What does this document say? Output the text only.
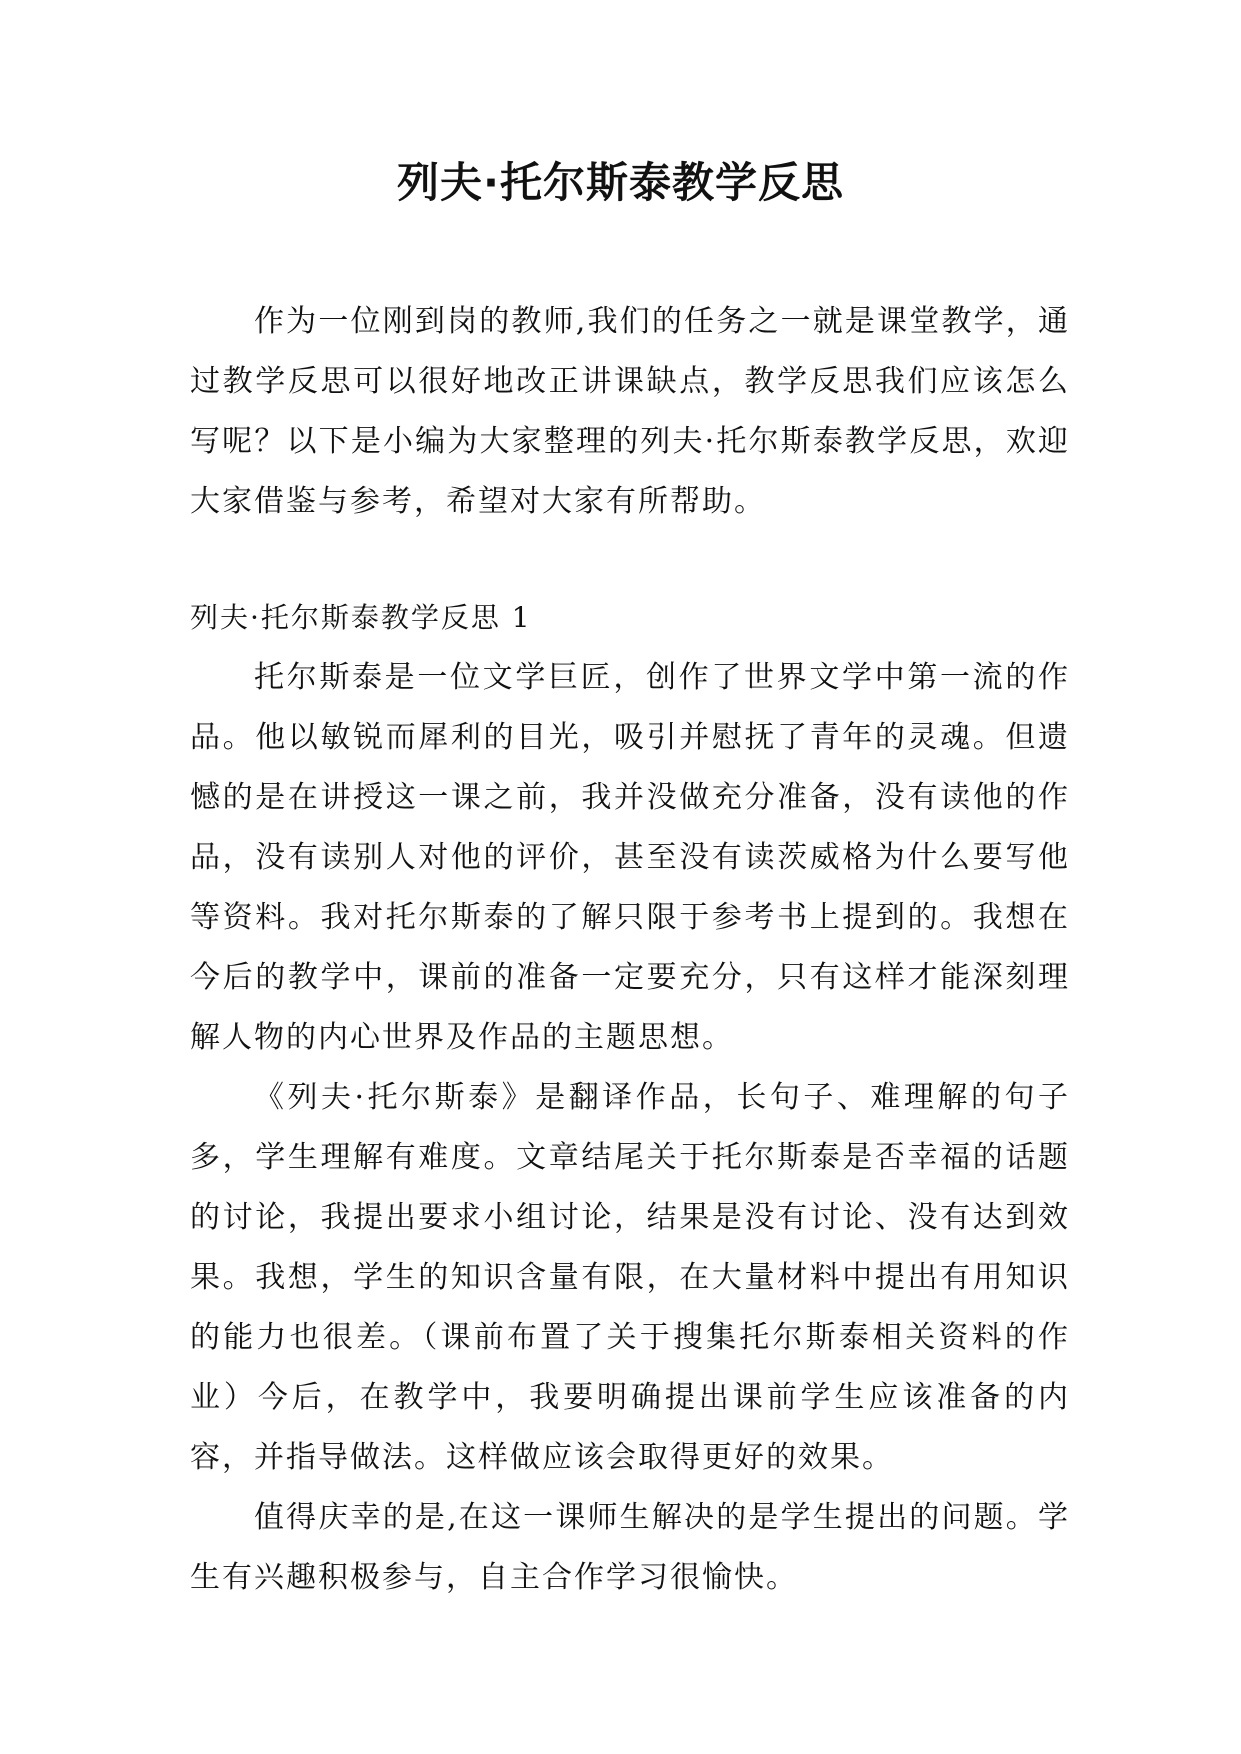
列夫·托尔斯泰教学反思

作为一位刚到岗的教师,我们的任务之一就是课堂教学，通过教学反思可以很好地改正讲课缺点，教学反思我们应该怎么写呢？以下是小编为大家整理的列夫·托尔斯泰教学反思，欢迎大家借鉴与参考，希望对大家有所帮助。

列夫·托尔斯泰教学反思 1

托尔斯泰是一位文学巨匠，创作了世界文学中第一流的作品。他以敏锐而犀利的目光，吸引并慰抚了青年的灵魂。但遗憾的是在讲授这一课之前，我并没做充分准备，没有读他的作品，没有读别人对他的评价，甚至没有读茨威格为什么要写他等资料。我对托尔斯泰的了解只限于参考书上提到的。我想在今后的教学中，课前的准备一定要充分，只有这样才能深刻理解人物的内心世界及作品的主题思想。

《列夫·托尔斯泰》是翻译作品，长句子、难理解的句子多，学生理解有难度。文章结尾关于托尔斯泰是否幸福的话题的讨论，我提出要求小组讨论，结果是没有讨论、没有达到效果。我想，学生的知识含量有限，在大量材料中提出有用知识的能力也很差。（课前布置了关于搜集托尔斯泰相关资料的作业）今后，在教学中，我要明确提出课前学生应该准备的内容，并指导做法。这样做应该会取得更好的效果。

值得庆幸的是,在这一课师生解决的是学生提出的问题。学生有兴趣积极参与，自主合作学习很愉快。
